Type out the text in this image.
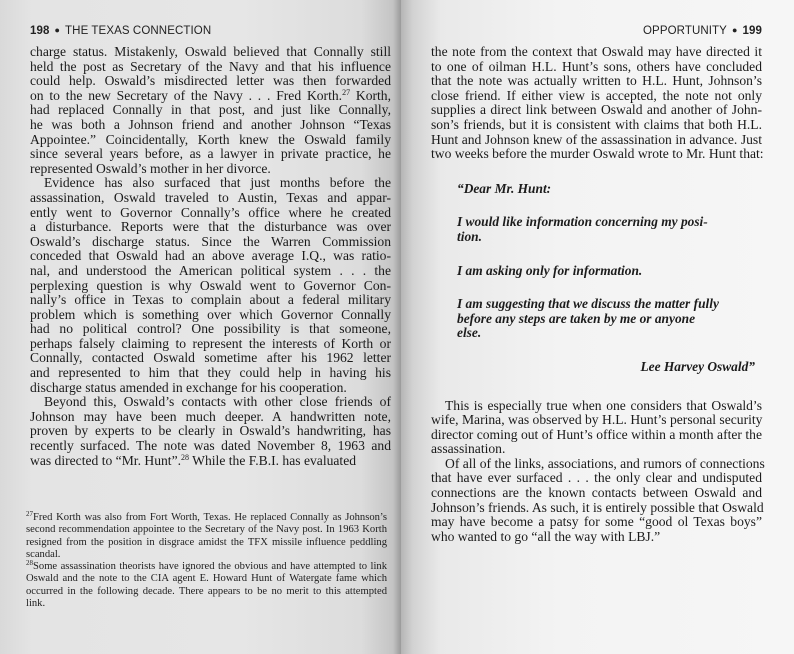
198 ● THE TEXAS CONNECTION

charge status. Mistakenly, Oswald believed that Connally still
held the post as Secretary of the Navy and that his influence
could help. Oswald’s misdirected letter was then forwarded
on to the new Secretary of the Navy . . . Fred Korth.$^{27}$ Korth,
had replaced Connally in that post, and just like Connally,
he was both a Johnson friend and another Johnson “Texas
Appointee.” Coincidentally, Korth knew the Oswald family
since several years before, as a lawyer in private practice, he
represented Oswald’s mother in her divorce.

Evidence has also surfaced that just months before the
assassination, Oswald traveled to Austin, Texas and appar-
ently went to Governor Connally’s office where he created
a disturbance. Reports were that the disturbance was over
Oswald’s discharge status. Since the Warren Commission
conceded that Oswald had an above average I.Q., was ratio-
nal, and understood the American political system . . . the
perplexing question is why Oswald went to Governor Con-
nally’s office in Texas to complain about a federal military
problem which is something over which Governor Connally
had no political control? One possibility is that someone,
perhaps falsely claiming to represent the interests of Korth or
Connally, contacted Oswald sometime after his 1962 letter
and represented to him that they could help in having his
discharge status amended in exchange for his cooperation.

Beyond this, Oswald’s contacts with other close friends of
Johnson may have been much deeper. A handwritten note,
proven by experts to be clearly in Oswald’s handwriting, has
recently surfaced. The note was dated November 8, 1963 and
was directed to “Mr. Hunt”.$^{28}$ While the F.B.I. has evaluated

$^{27}$Fred Korth was also from Fort Worth, Texas. He replaced Connally as Johnson’s second recommendation appointee to the Secretary of the Navy post. In 1963 Korth resigned from the position in disgrace amidst the TFX missile influence peddling scandal.
$^{28}$Some assassination theorists have ignored the obvious and have attempted to link Oswald and the note to the CIA agent E. Howard Hunt of Watergate fame which occurred in the following decade. There appears to be no merit to this attempted link.
OPPORTUNITY ● 199

the note from the context that Oswald may have directed it
to one of oilman H.L. Hunt’s sons, others have concluded
that the note was actually written to H.L. Hunt, Johnson’s
close friend. If either view is accepted, the note not only
supplies a direct link between Oswald and another of John-
son’s friends, but it is consistent with claims that both H.L.
Hunt and Johnson knew of the assassination in advance. Just
two weeks before the murder Oswald wrote to Mr. Hunt that:

“Dear Mr. Hunt:

I would like information concerning my posi-
tion.

I am asking only for information.

I am suggesting that we discuss the matter fully
before any steps are taken by me or anyone
else.

Lee Harvey Oswald”

This is especially true when one considers that Oswald’s
wife, Marina, was observed by H.L. Hunt’s personal security
director coming out of Hunt’s office within a month after the
assassination.

Of all of the links, associations, and rumors of connections
that have ever surfaced . . . the only clear and undisputed
connections are the known contacts between Oswald and
Johnson’s friends. As such, it is entirely possible that Oswald
may have become a patsy for some “good ol Texas boys”
who wanted to go “all the way with LBJ.”
